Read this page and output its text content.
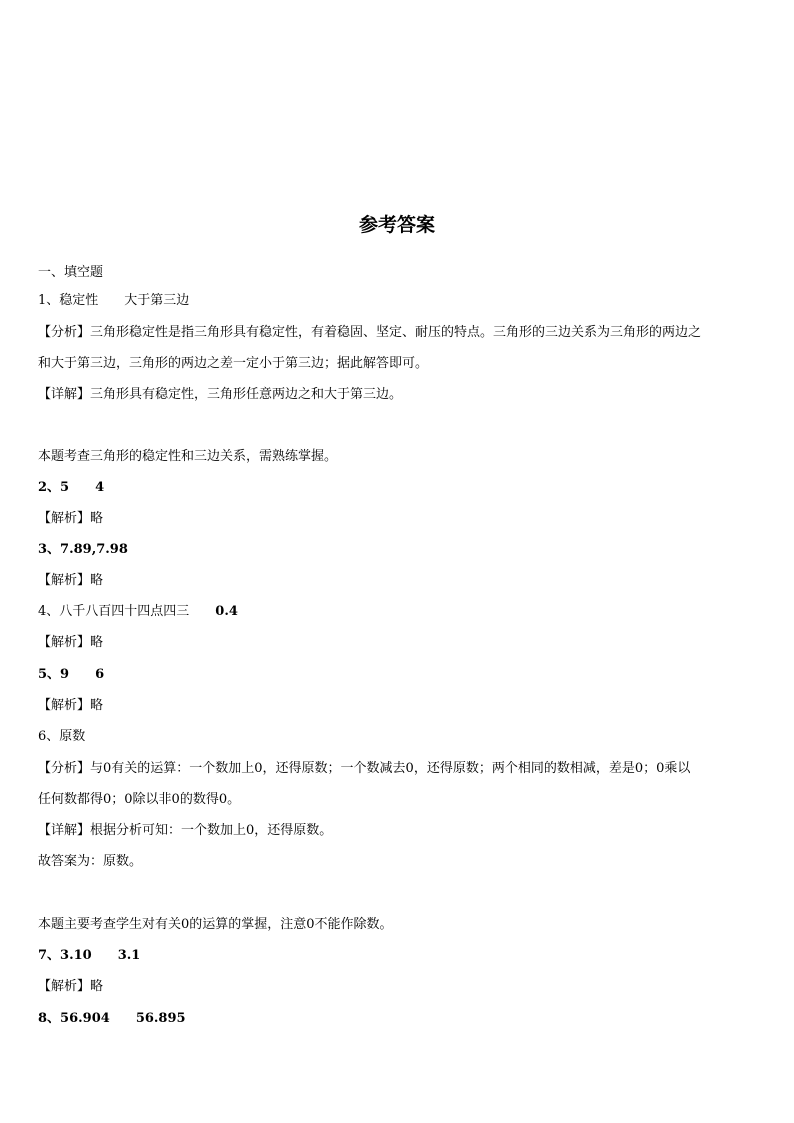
参考答案
一、填空题
1、稳定性 大于第三边
【分析】三角形稳定性是指三角形具有稳定性，有着稳固、坚定、耐压的特点。三角形的三边关系为三角形的两边之
和大于第三边，三角形的两边之差一定小于第三边；据此解答即可。
【详解】三角形具有稳定性，三角形任意两边之和大于第三边。
本题考查三角形的稳定性和三边关系，需熟练掌握。
2、5 4
【解析】略
3、7.89,7.98
【解析】略
4、八千八百四十四点四三 0.4
【解析】略
5、9 6
【解析】略
6、原数
【分析】与0有关的运算：一个数加上0，还得原数；一个数减去0，还得原数；两个相同的数相减，差是0；0乘以
任何数都得0；0除以非0的数得0。
【详解】根据分析可知：一个数加上0，还得原数。
故答案为：原数。
本题主要考查学生对有关0的运算的掌握，注意0不能作除数。
7、3.10 3.1
【解析】略
8、56.904 56.895
